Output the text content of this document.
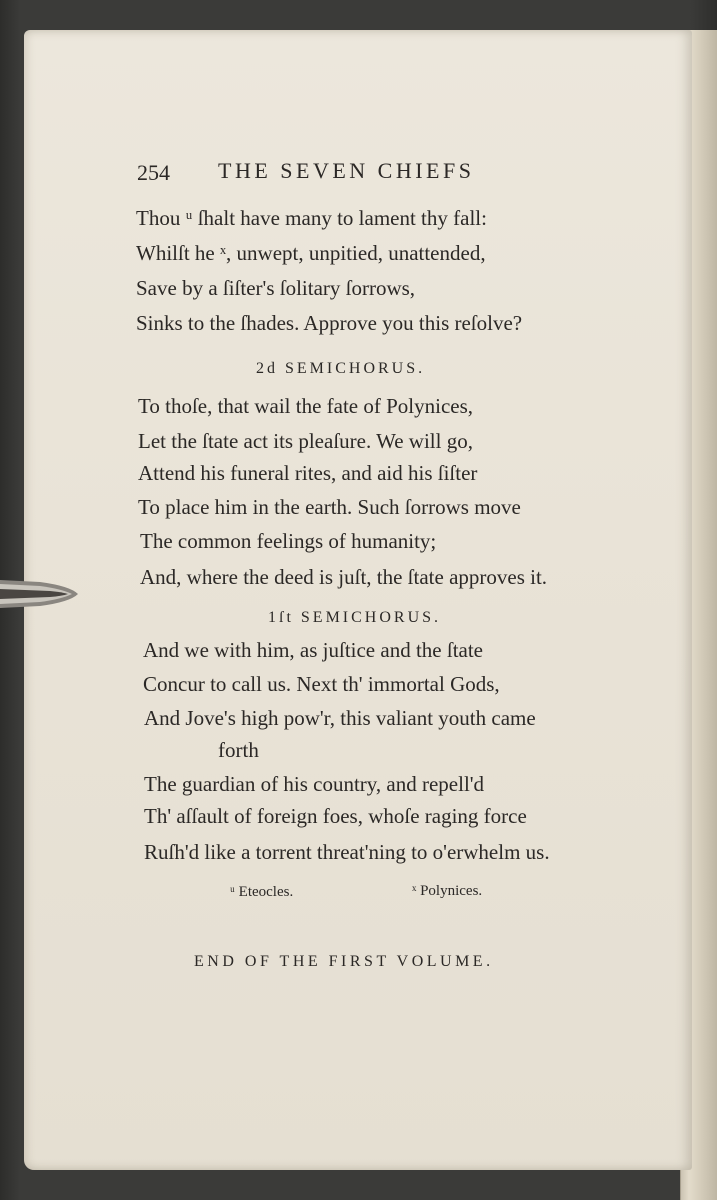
254 THE SEVEN CHIEFS
Thou ᵘ ſhalt have many to lament thy fall:
Whilſt he ˣ, unwept, unpitied, unattended,
Save by a ſiſter's ſolitary ſorrows,
Sinks to the ſhades. Approve you this reſolve?
2d SEMICHORUS.
To thoſe, that wail the fate of Polynices,
Let the ſtate act its pleaſure. We will go,
Attend his funeral rites, and aid his ſiſter
To place him in the earth. Such ſorrows move
The common feelings of humanity;
And, where the deed is juſt, the ſtate approves it.
1ſt SEMICHORUS.
And we with him, as juſtice and the ſtate
Concur to call us. Next th' immortal Gods,
And Jove's high pow'r, this valiant youth came
forth
The guardian of his country, and repell'd
Th' aſſault of foreign foes, whoſe raging force
Ruſh'd like a torrent threat'ning to o'erwhelm us.
ᵘ Eteocles.	ˣ Polynices.
END OF THE FIRST VOLUME.
